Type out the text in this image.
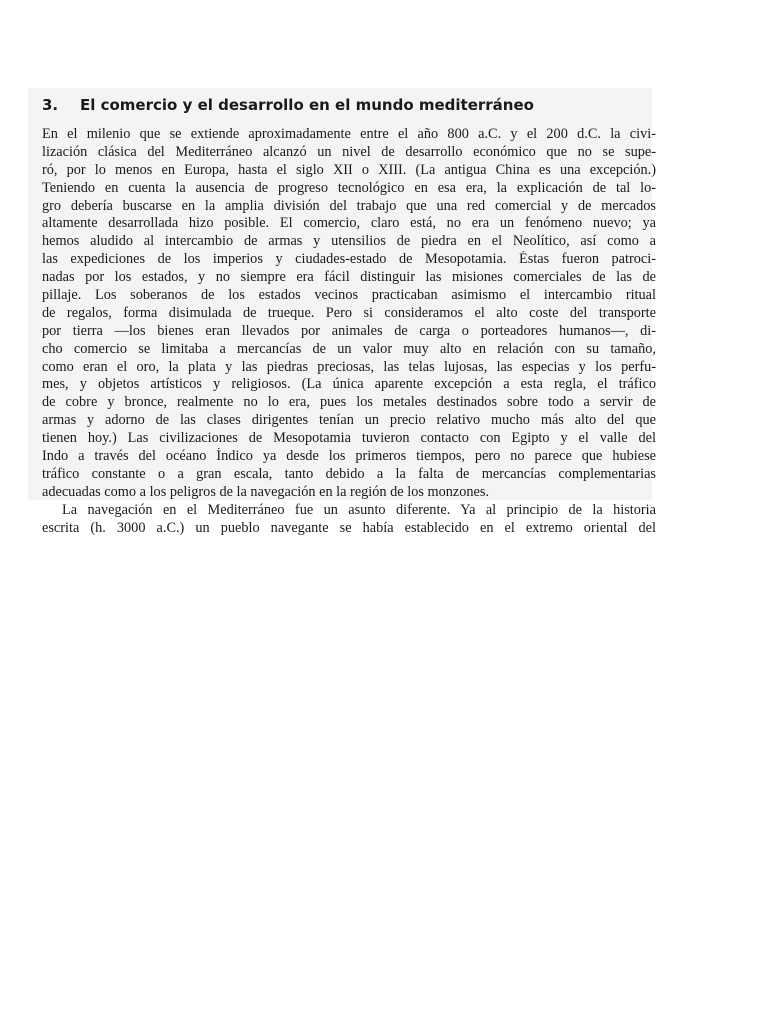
3. El comercio y el desarrollo en el mundo mediterráneo
En el milenio que se extiende aproximadamente entre el año 800 a.C. y el 200 d.C. la civi-
lización clásica del Mediterráneo alcanzó un nivel de desarrollo económico que no se supe-
ró, por lo menos en Europa, hasta el siglo XII o XIII. (La antigua China es una excepción.)
Teniendo en cuenta la ausencia de progreso tecnológico en esa era, la explicación de tal lo-
gro debería buscarse en la amplia división del trabajo que una red comercial y de mercados
altamente desarrollada hizo posible. El comercio, claro está, no era un fenómeno nuevo; ya
hemos aludido al intercambio de armas y utensilios de piedra en el Neolítico, así como a
las expediciones de los imperios y ciudades-estado de Mesopotamia. Éstas fueron patroci-
nadas por los estados, y no siempre era fácil distinguir las misiones comerciales de las de
pillaje. Los soberanos de los estados vecinos practicaban asimismo el intercambio ritual
de regalos, forma disimulada de trueque. Pero si consideramos el alto coste del transporte
por tierra —los bienes eran llevados por animales de carga o porteadores humanos—, di-
cho comercio se limitaba a mercancías de un valor muy alto en relación con su tamaño,
como eran el oro, la plata y las piedras preciosas, las telas lujosas, las especias y los perfu-
mes, y objetos artísticos y religiosos. (La única aparente excepción a esta regla, el tráfico
de cobre y bronce, realmente no lo era, pues los metales destinados sobre todo a servir de
armas y adorno de las clases dirigentes tenían un precio relativo mucho más alto del que
tienen hoy.) Las civilizaciones de Mesopotamia tuvieron contacto con Egipto y el valle del
Indo a través del océano Índico ya desde los primeros tiempos, pero no parece que hubiese
tráfico constante o a gran escala, tanto debido a la falta de mercancías complementarias
adecuadas como a los peligros de la navegación en la región de los monzones.
La navegación en el Mediterráneo fue un asunto diferente. Ya al principio de la historia
escrita (h. 3000 a.C.) un pueblo navegante se había establecido en el extremo oriental del
